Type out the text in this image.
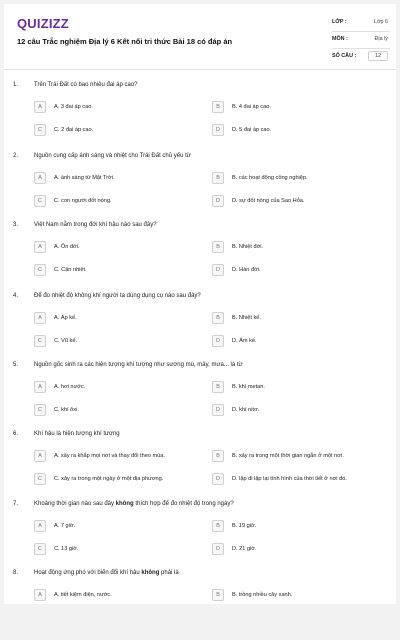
QUIZIZZ
12 câu Trắc nghiệm Địa lý 6 Kết nối tri thức Bài 18 có đáp án
LỚP :	Lớp 6
MÔN :	Địa lý
SỐ CÂU :	12
1.	Trên Trái Đất có bao nhiêu đai áp cao?
A	A. 3 đai áp cao.	B	B. 4 đai áp cao.
C	C. 2 đai áp cao.	D	D. 5 đai áp cao.
2.	Nguồn cung cấp ánh sáng và nhiệt cho Trái Đất chủ yếu từ
A	A. ánh sáng từ Mặt Trời.	B	B. các hoạt động công nghiệp.
C	C. con người đốt nóng.	D	D. sự đốt nóng của Sao Hỏa.
3.	Việt Nam nằm trong đới khí hậu nào sau đây?
A	A. Ôn đới.	B	B. Nhiệt đới.
C	C. Cận nhiệt.	D	D. Hàn đới.
4.	Để đo nhiệt độ không khí người ta dùng dụng cụ nào sau đây?
A	A. Áp kế.	B	B. Nhiệt kế.
C	C. Vũ kế.	D	D. Ẩm kế.
5.	Nguồn gốc sinh ra các hiện tượng khí tượng như sương mù, mây, mưa... là từ
A	A. hơi nước.	B	B. khí metan.
C	C. khí ôxi.	D	D. khí nitơ.
6.	Khí hậu là hiện tượng khí tượng
A	A. xảy ra khắp mọi nơi và thay đổi theo mùa.	B	B. xảy ra trong một thời gian ngắn ở một nơi.
C	C. xảy ra trong một ngày ở một địa phương.	D	D. lặp đi lặp lại tình hình của thời tiết ở nơi đó.
7.	Khoảng thời gian nào sau đây không thích hợp để đo nhiệt độ trong ngày?
A	A. 7 giờ.	B	B. 19 giờ.
C	C. 13 giờ.	D	D. 21 giờ.
8.	Hoạt động ứng phó với biến đổi khí hậu không phải là
A	A. tiết kiệm điện, nước.	B	B. trồng nhiều cây xanh.
